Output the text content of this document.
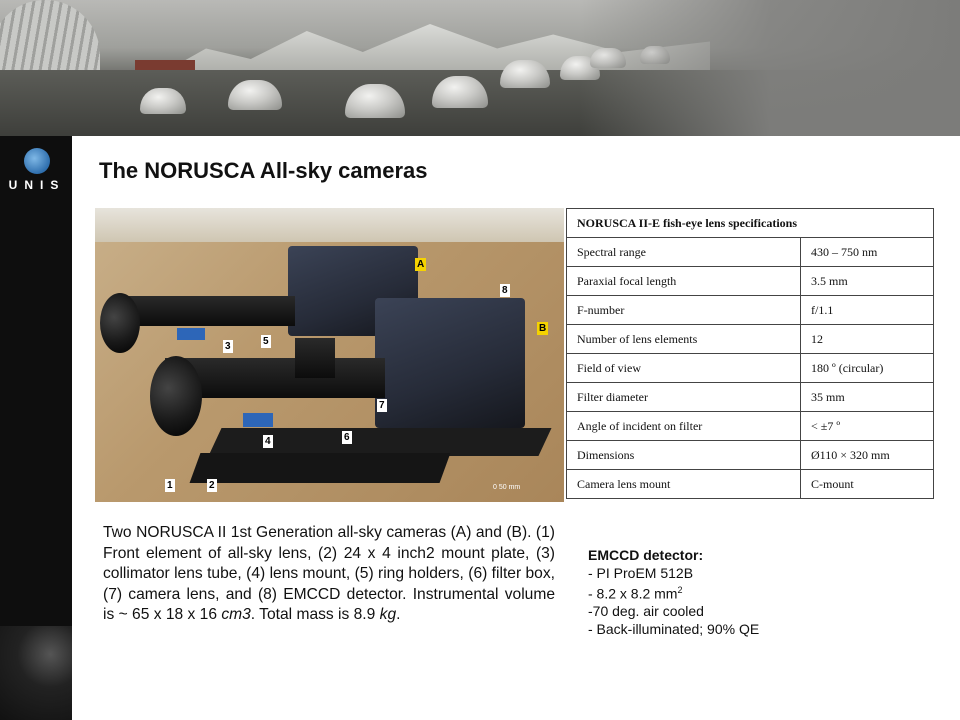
UNIS
The NORUSCA All-sky cameras
A
8
B
3	5
7
4	6
1	2	0 50 mm
NORUSCA II-E fish-eye lens specifications	
Spectral range	430 – 750 nm
Paraxial focal length	3.5 mm
F-number	f/1.1
Number of lens elements	12
Field of view	180 º (circular)
Filter diameter	35 mm
Angle of incident on filter	< ±7 º
Dimensions	Ø110 × 320 mm
Camera lens mount	C-mount
Two NORUSCA II 1st Generation all-sky cameras (A) and (B). (1) Front element of all-sky lens, (2) 24 x 4 inch2 mount plate, (3) collimator lens tube, (4) lens mount, (5) ring holders, (6) filter box, (7) camera lens, and (8) EMCCD detector. Instrumental volume is ~ 65 x 18 x 16 cm3. Total mass is 8.9 kg.
EMCCD detector:
- PI ProEM 512B
- 8.2 x 8.2 $mm^2$
-70 deg. air cooled
- Back-illuminated; 90% QE
